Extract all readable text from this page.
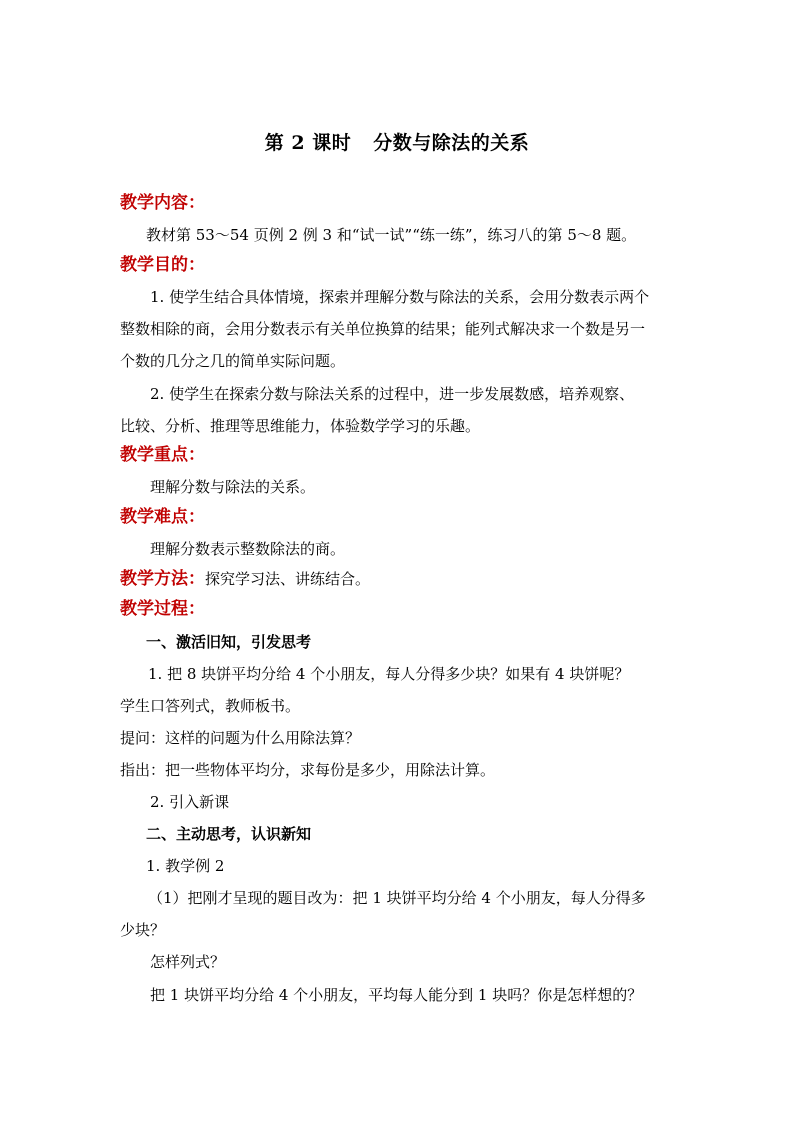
第 2 课时 分数与除法的关系
教学内容：
教材第 53～54 页例 2 例 3 和“试一试”“练一练”，练习八的第 5～8 题。
教学目的：
1. 使学生结合具体情境，探索并理解分数与除法的关系，会用分数表示两个
整数相除的商，会用分数表示有关单位换算的结果；能列式解决求一个数是另一
个数的几分之几的简单实际问题。
2. 使学生在探索分数与除法关系的过程中，进一步发展数感，培养观察、
比较、分析、推理等思维能力，体验数学学习的乐趣。
教学重点：
理解分数与除法的关系。
教学难点：
理解分数表示整数除法的商。
教学方法：探究学习法、讲练结合。
教学过程：
一、激活旧知，引发思考
1. 把 8 块饼平均分给 4 个小朋友，每人分得多少块？如果有 4 块饼呢？
学生口答列式，教师板书。
提问：这样的问题为什么用除法算？
指出：把一些物体平均分，求每份是多少，用除法计算。
2. 引入新课
二、主动思考，认识新知
1. 教学例 2
（1）把刚才呈现的题目改为：把 1 块饼平均分给 4 个小朋友，每人分得多
少块？
怎样列式？
把 1 块饼平均分给 4 个小朋友，平均每人能分到 1 块吗？你是怎样想的？
